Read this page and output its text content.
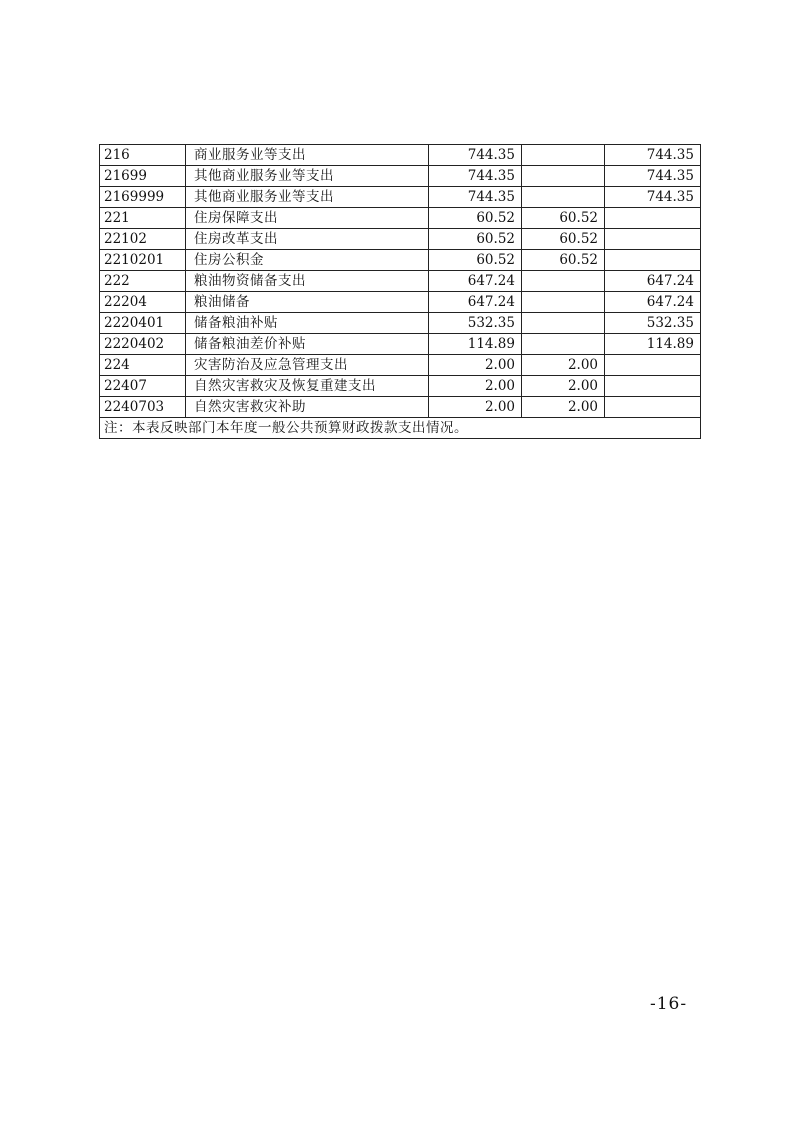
216	商业服务业等支出	744.35		744.35
21699	其他商业服务业等支出	744.35		744.35
2169999	其他商业服务业等支出	744.35		744.35
221	住房保障支出	60.52	60.52	
22102	住房改革支出	60.52	60.52	
2210201	住房公积金	60.52	60.52	
222	粮油物资储备支出	647.24		647.24
22204	粮油储备	647.24		647.24
2220401	储备粮油补贴	532.35		532.35
2220402	储备粮油差价补贴	114.89		114.89
224	灾害防治及应急管理支出	2.00	2.00	
22407	自然灾害救灾及恢复重建支出	2.00	2.00	
2240703	自然灾害救灾补助	2.00	2.00	
注：本表反映部门本年度一般公共预算财政拨款支出情况。				
-16-
